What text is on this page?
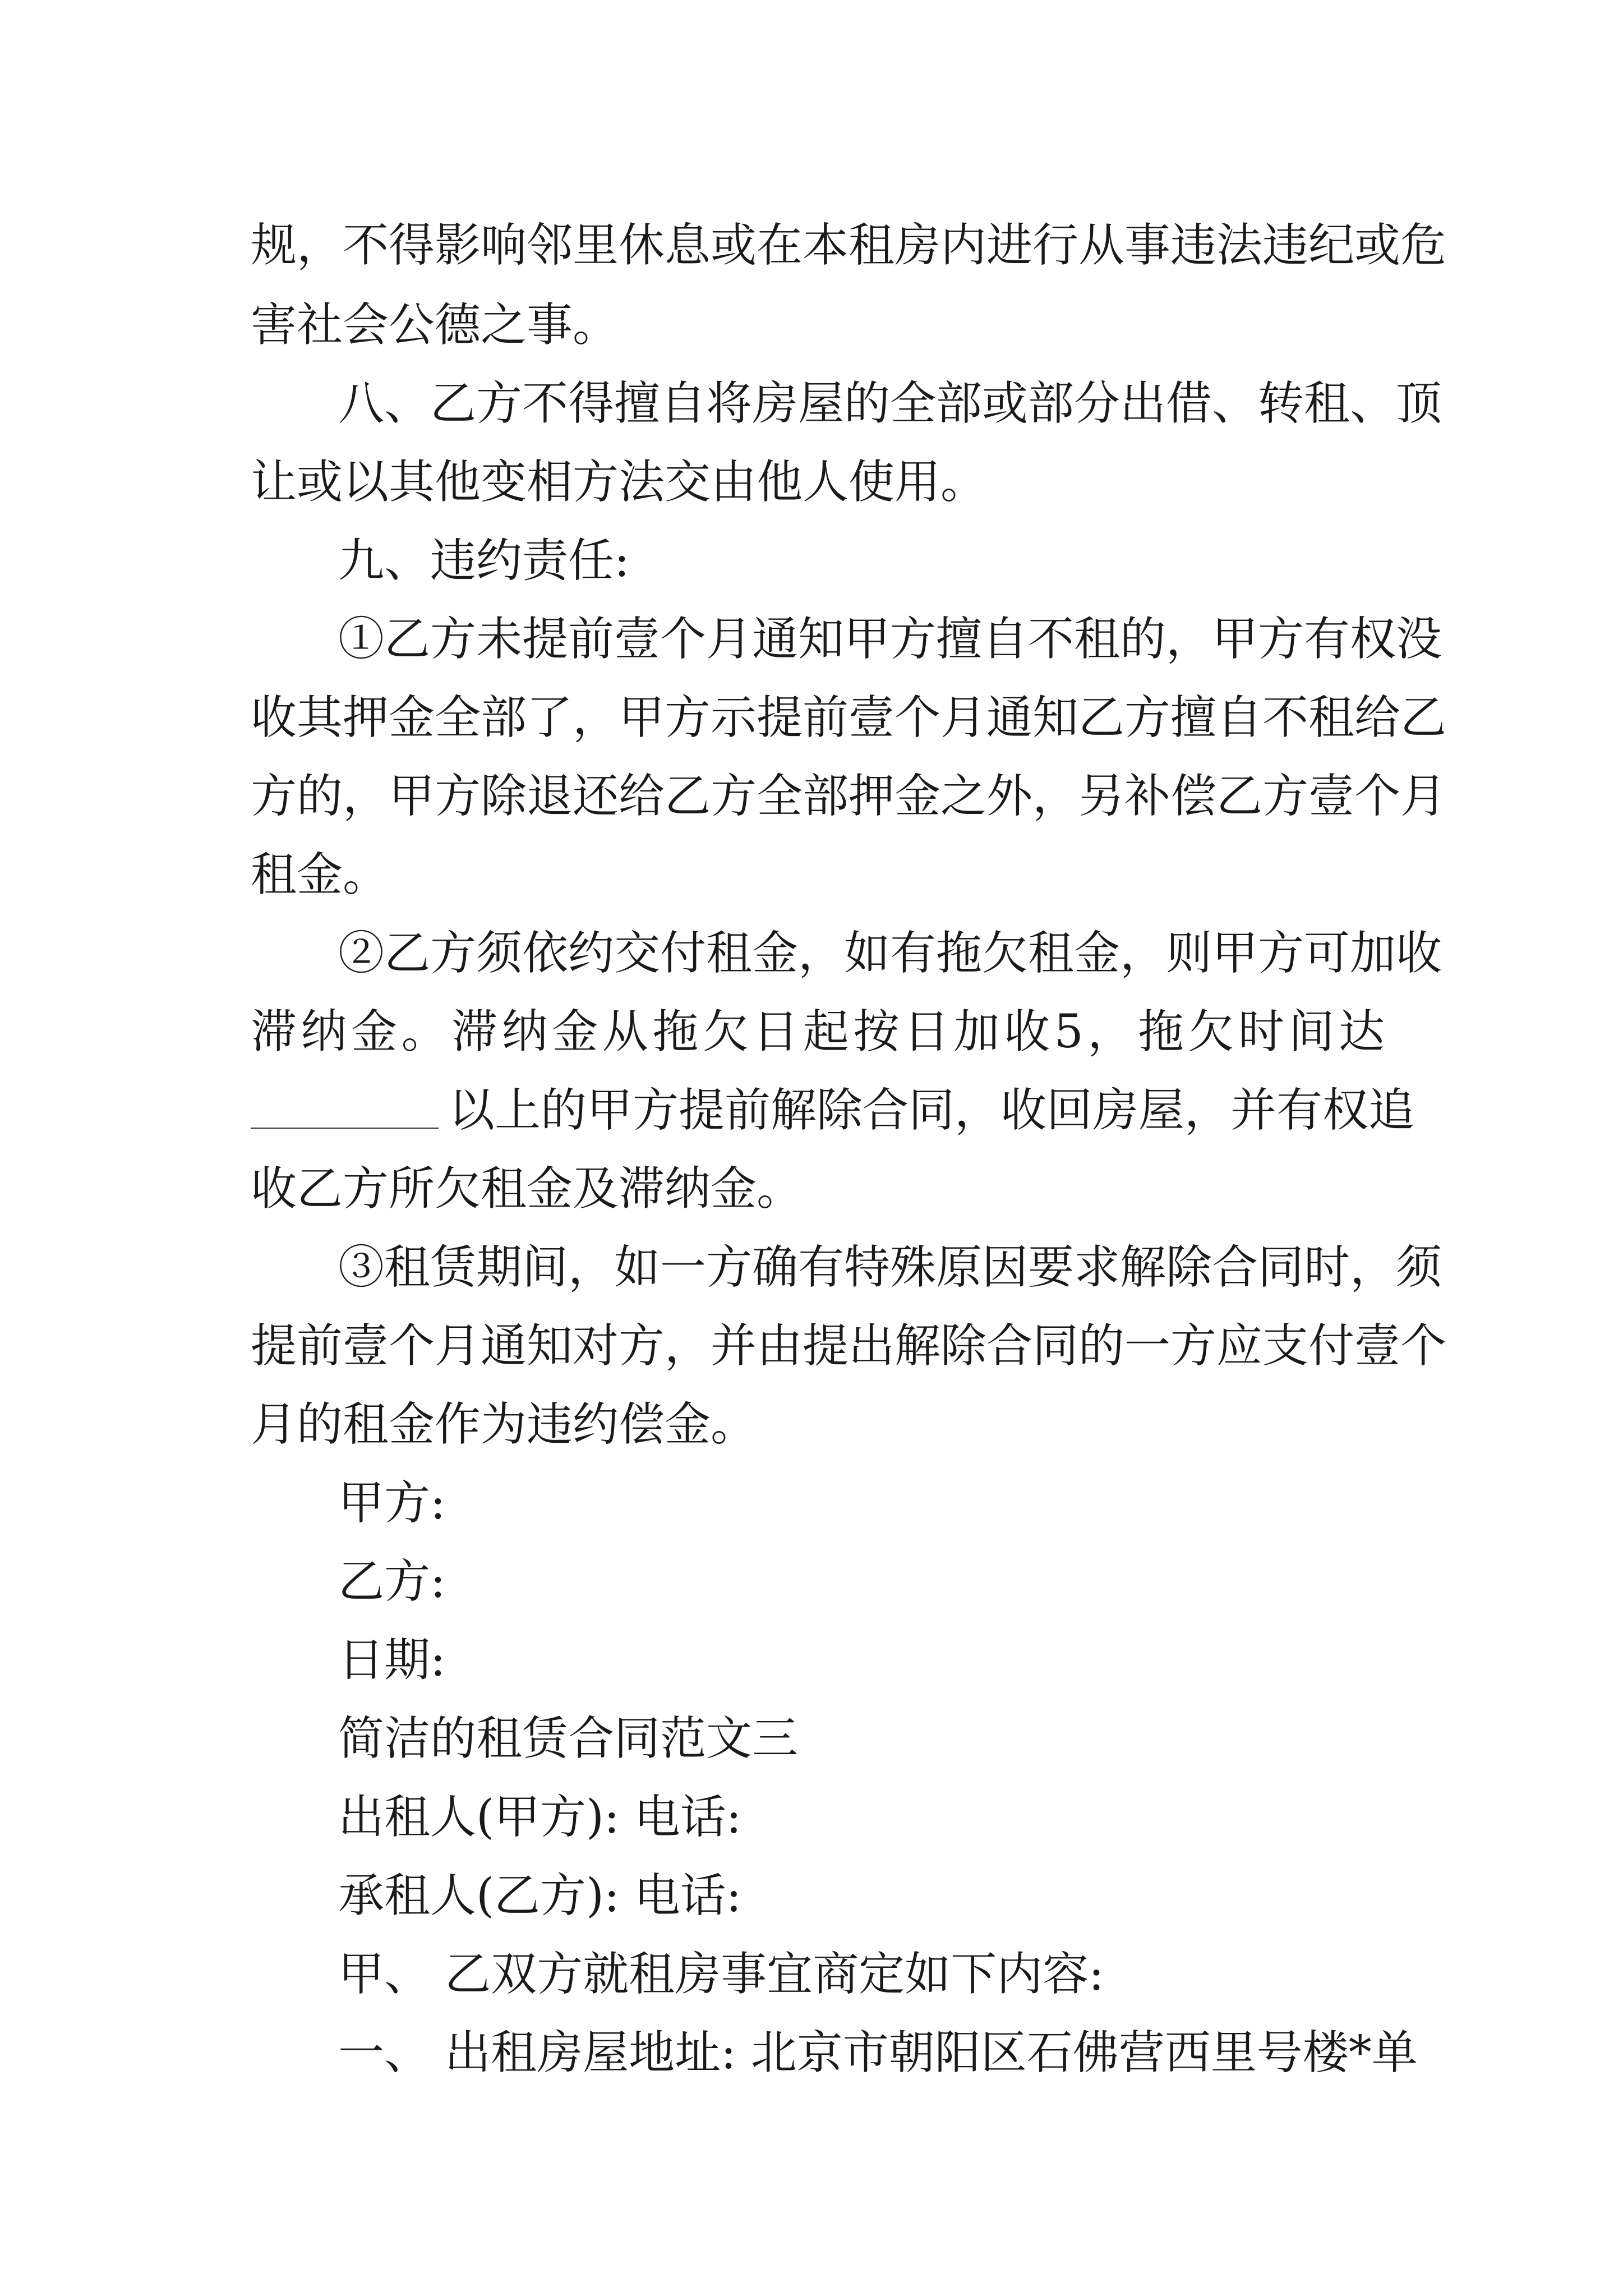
规，不得影响邻里休息或在本租房内进行从事违法违纪或危
害社会公德之事。
八、乙方不得擅自将房屋的全部或部分出借、转租、顶
让或以其他变相方法交由他人使用。
九、违约责任:
①乙方未提前壹个月通知甲方擅自不租的，甲方有权没
收其押金全部了，甲方示提前壹个月通知乙方擅自不租给乙
方的，甲方除退还给乙方全部押金之外，另补偿乙方壹个月
租金。
②乙方须依约交付租金，如有拖欠租金，则甲方可加收
滞纳金。滞纳金从拖欠日起按日加收5，拖欠时间达
以上的甲方提前解除合同，收回房屋，并有权追
收乙方所欠租金及滞纳金。
③租赁期间，如一方确有特殊原因要求解除合同时，须
提前壹个月通知对方，并由提出解除合同的一方应支付壹个
月的租金作为违约偿金。
甲方:
乙方:
日期:
简洁的租赁合同范文三
出租人(甲方): 电话:
承租人(乙方): 电话:
甲、 乙双方就租房事宜商定如下内容:
一、 出租房屋地址: 北京市朝阳区石佛营西里号楼*单
